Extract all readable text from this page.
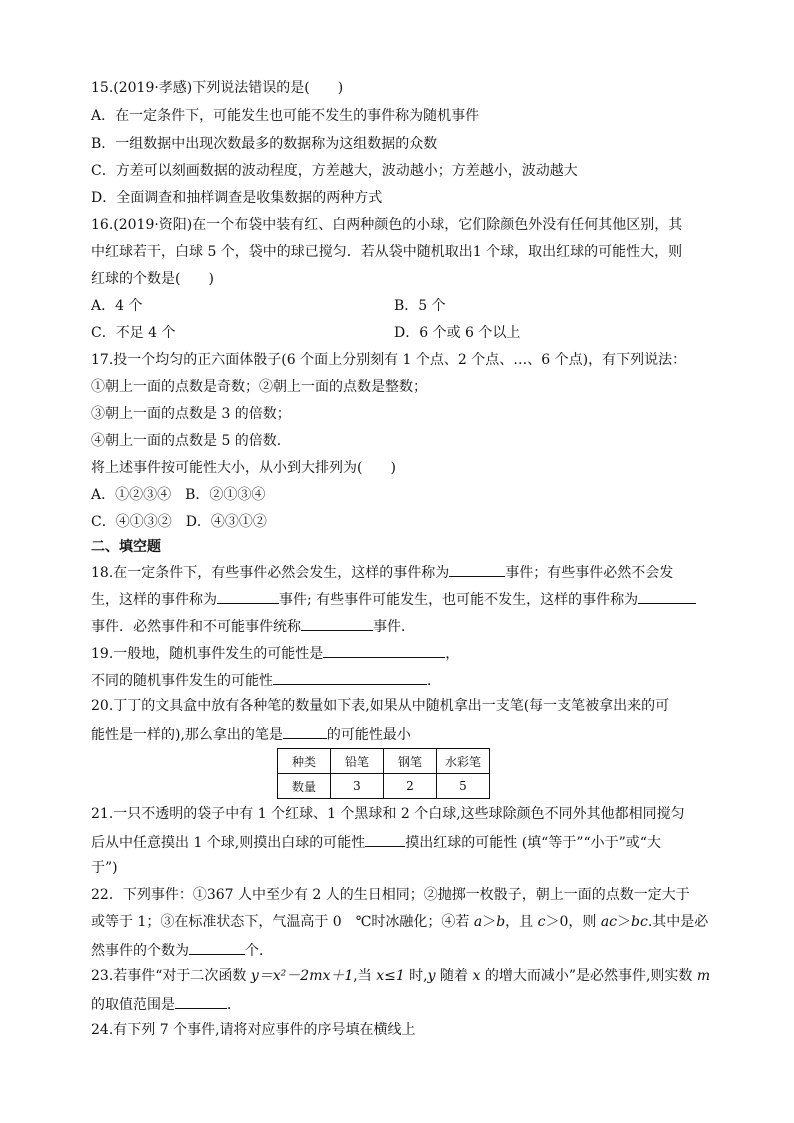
15.(2019·孝感)下列说法错误的是(　　)
A．在一定条件下，可能发生也可能不发生的事件称为随机事件
B．一组数据中出现次数最多的数据称为这组数据的众数
C．方差可以刻画数据的波动程度，方差越大，波动越小；方差越小，波动越大
D．全面调查和抽样调查是收集数据的两种方式
16.(2019·资阳)在一个布袋中装有红、白两种颜色的小球，它们除颜色外没有任何其他区别，其
中红球若干，白球 5 个，袋中的球已搅匀．若从袋中随机取出1 个球，取出红球的可能性大，则
红球的个数是(　　)
A．4 个	B．5 个
C．不足 4 个	D．6 个或 6 个以上
17.投一个均匀的正六面体骰子(6 个面上分别刻有 1 个点、2 个点、…、6 个点)，有下列说法：
①朝上一面的点数是奇数；②朝上一面的点数是整数；
③朝上一面的点数是 3 的倍数；
④朝上一面的点数是 5 的倍数．
将上述事件按可能性大小，从小到大排列为(　　)
A．①②③④　B．②①③④
C．④①③②　D．④③①②
二、填空题
18.在一定条件下，有些事件必然会发生，这样的事件称为	事件；有些事件必然不会发
生，这样的事件称为	事件; 有些事件可能发生，也可能不发生，这样的事件称为
事件．必然事件和不可能事件统称	事件．
19.一般地，随机事件发生的可能性是	，
不同的随机事件发生的可能性	．
20.丁丁的文具盒中放有各种笔的数量如下表,如果从中随机拿出一支笔(每一支笔被拿出来的可
能性是一样的),那么拿出的笔是	的可能性最小
种类	铅笔	钢笔	水彩笔
数量	3	2	5
21.一只不透明的袋子中有 1 个红球、1 个黑球和 2 个白球,这些球除颜色不同外其他都相同搅匀
后从中任意摸出 1 个球,则摸出白球的可能性	摸出红球的可能性 (填“等于”“小于”或“大
于”)
22．下列事件：①367 人中至少有 2 人的生日相同；②抛掷一枚骰子，朝上一面的点数一定大于
或等于 1；③在标准状态下，气温高于 0　℃时冰融化；④若 a＞b，且 c＞0，则 ac＞bc.其中是必
然事件的个数为	个．
23.若事件“对于二次函数 y＝x²－2mx＋1,当 x≤1 时,y 随着 x 的增大而减小”是必然事件,则实数 m
的取值范围是	．
24.有下列 7 个事件,请将对应事件的序号填在横线上
